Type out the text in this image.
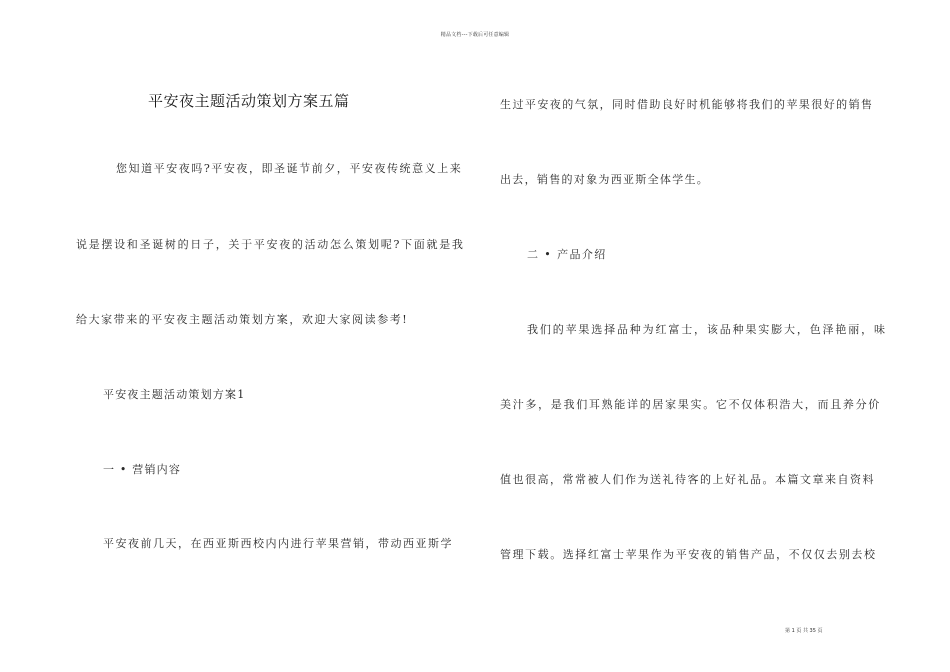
精品文档---下载后可任意编辑
平安夜主题活动策划方案五篇
您知道平安夜吗?平安夜，即圣诞节前夕，平安夜传统意义上来
说是摆设和圣诞树的日子，关于平安夜的活动怎么策划呢?下面就是我
给大家带来的平安夜主题活动策划方案，欢迎大家阅读参考!
平安夜主题活动策划方案1
一 • 营销内容
平安夜前几天，在西亚斯西校内内进行苹果营销，带动西亚斯学
生过平安夜的气氛，同时借助良好时机能够将我们的苹果很好的销售
出去，销售的对象为西亚斯全体学生。
二 • 产品介绍
我们的苹果选择品种为红富士，该品种果实膨大，色泽艳丽，味
美汁多，是我们耳熟能详的居家果实。它不仅体积浩大，而且养分价
值也很高，常常被人们作为送礼待客的上好礼品。本篇文章来自资料
管理下载。选择红富士苹果作为平安夜的销售产品，不仅仅去别去校
第 1 页 共 35 页
